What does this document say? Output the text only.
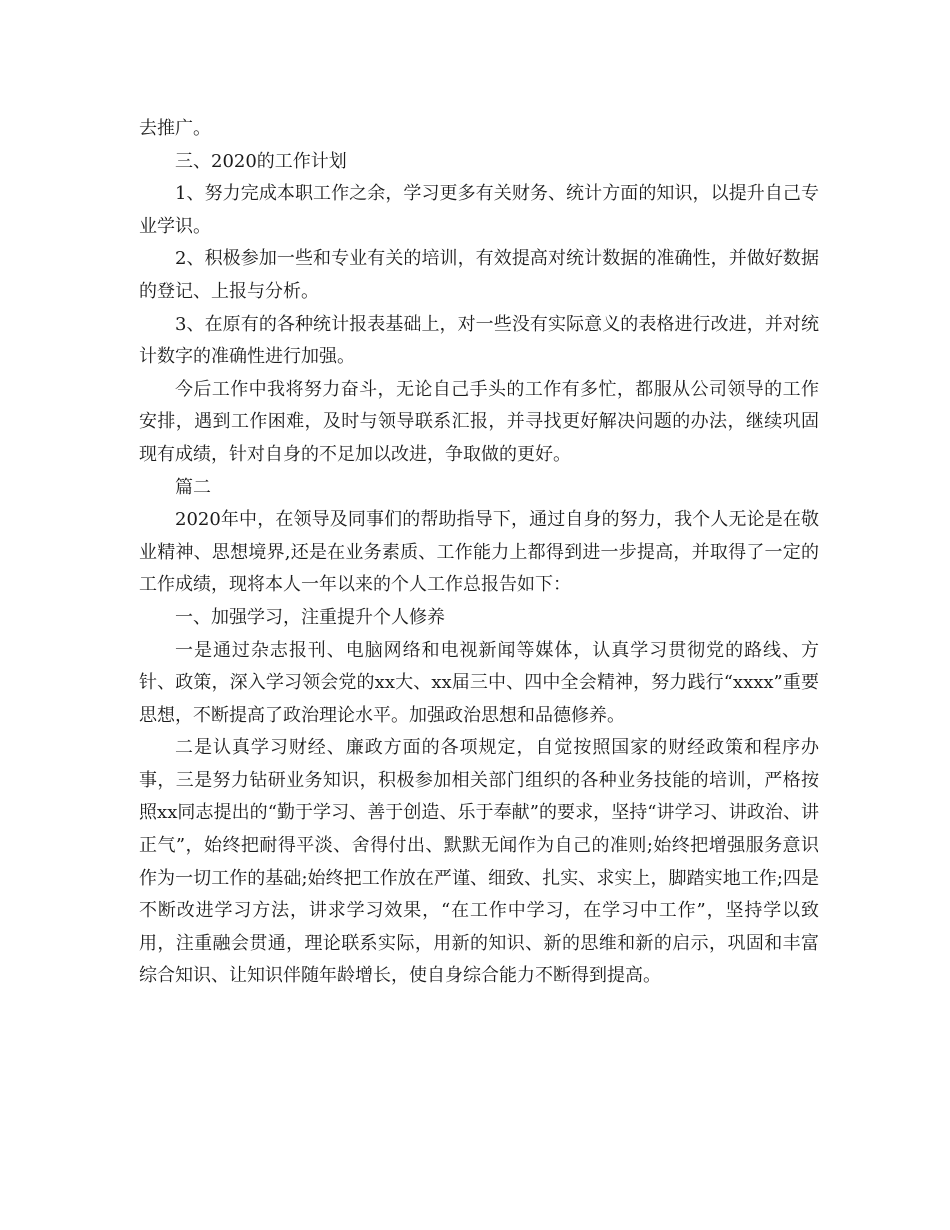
去推广。

三、2020的工作计划

1、努力完成本职工作之余，学习更多有关财务、统计方面的知识，以提升自己专业学识。

2、积极参加一些和专业有关的培训，有效提高对统计数据的准确性，并做好数据的登记、上报与分析。

3、在原有的各种统计报表基础上，对一些没有实际意义的表格进行改进，并对统计数字的准确性进行加强。

今后工作中我将努力奋斗，无论自己手头的工作有多忙，都服从公司领导的工作安排，遇到工作困难，及时与领导联系汇报，并寻找更好解决问题的办法，继续巩固现有成绩，针对自身的不足加以改进，争取做的更好。

篇二

2020年中，在领导及同事们的帮助指导下，通过自身的努力，我个人无论是在敬业精神、思想境界,还是在业务素质、工作能力上都得到进一步提高，并取得了一定的工作成绩，现将本人一年以来的个人工作总报告如下：

一、加强学习，注重提升个人修养

一是通过杂志报刊、电脑网络和电视新闻等媒体，认真学习贯彻党的路线、方针、政策，深入学习领会党的xx大、xx届三中、四中全会精神，努力践行“xxxx”重要思想，不断提高了政治理论水平。加强政治思想和品德修养。

二是认真学习财经、廉政方面的各项规定，自觉按照国家的财经政策和程序办事，三是努力钻研业务知识，积极参加相关部门组织的各种业务技能的培训，严格按照xx同志提出的“勤于学习、善于创造、乐于奉献”的要求，坚持“讲学习、讲政治、讲正气”，始终把耐得平淡、舍得付出、默默无闻作为自己的准则;始终把增强服务意识作为一切工作的基础;始终把工作放在严谨、细致、扎实、求实上，脚踏实地工作;四是不断改进学习方法，讲求学习效果，“在工作中学习，在学习中工作”，坚持学以致用，注重融会贯通，理论联系实际，用新的知识、新的思维和新的启示，巩固和丰富综合知识、让知识伴随年龄增长，使自身综合能力不断得到提高。
